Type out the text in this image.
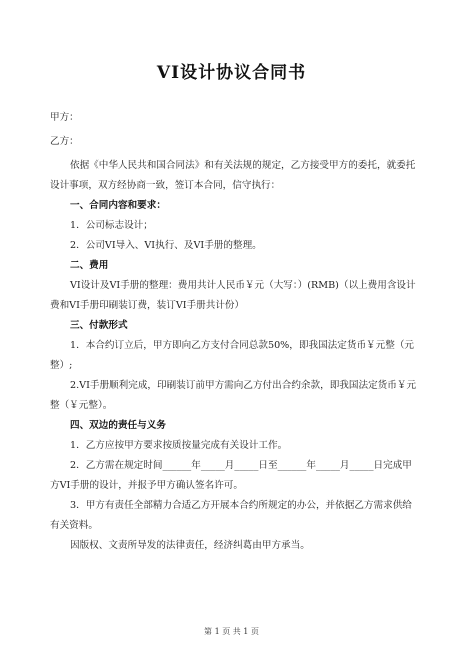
VI设计协议合同书
甲方：
乙方：
依据《中华人民共和国合同法》和有关法规的规定，乙方接受甲方的委托，就委托
设计事项，双方经协商一致，签订本合同，信守执行：
一、合同内容和要求：
1．公司标志设计；
2．公司VI导入、VI执行、及VI手册的整理。
二、费用
VI设计及VI手册的整理：费用共计人民币￥元（大写：）(RMB)（以上费用含设计
费和VI手册印刷装订费，装订VI手册共计份）
三、付款形式
1．本合约订立后，甲方即向乙方支付合同总款50%，即我国法定货币￥元整（元
整）;
2.VI手册顺利完成，印刷装订前甲方需向乙方付出合约余款，即我国法定货币￥元
整（￥元整）。
四、双边的责任与义务
1．乙方应按甲方要求按质按量完成有关设计工作。
2．乙方需在规定时间______年_____月_____日至______年_____月_____日完成甲
方VI手册的设计，并报予甲方确认签名许可。
3．甲方有责任全部精力合适乙方开展本合约所规定的办公，并依据乙方需求供给
有关资料。
因版权、文责所导发的法律责任，经济纠葛由甲方承当。
第 1 页 共 1 页
